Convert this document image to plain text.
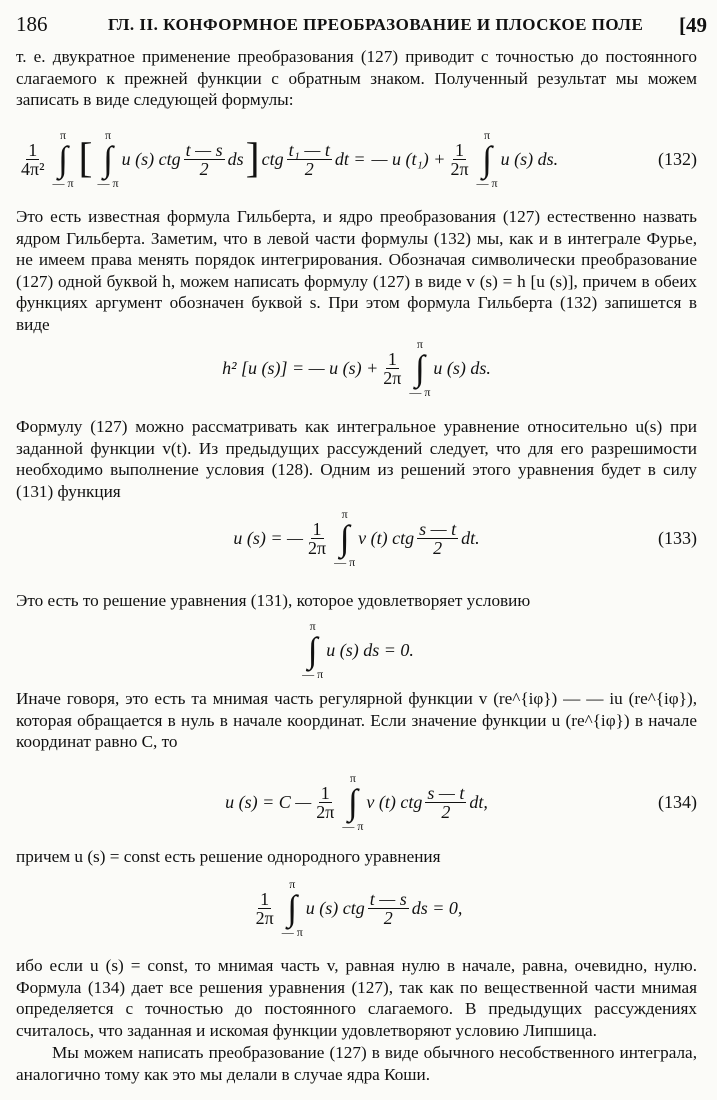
186	ГЛ. II. КОНФОРМНОЕ ПРЕОБРАЗОВАНИЕ И ПЛОСКОЕ ПОЛЕ [49

т. е. двукратное применение преобразования (127) приводит с точностью до постоянного слагаемого к прежней функции с обратным знаком. Полученный результат мы можем записать в виде следующей формулы:

$\frac{1}{\text{4π²}}$
π
∫
— π
[
π
∫
— π
u (s) ctg $\frac{t — s}{2}$ ds ] ctg $\frac{\text{t₁ — t}}{2}$ dt = — u $(t_1) + \frac{1}{2\pi}$
π
∫
— π
u (s) ds.	(132)

Это есть известная формула Гильберта, и ядро преобразования (127) естественно назвать ядром Гильберта. Заметим, что в левой части формулы (132) мы, как и в интеграле Фурье, не имеем права менять порядок интегрирования. Обозначая символически преобразование (127) одной буквой h, можем написать формулу (127) в виде v (s) = h [u (s)], причем в обеих функциях аргумент обозначен буквой s. При этом формула Гильберта (132) запишется в виде

h² [u (s)] = — u $(s) + \frac{1}{2\pi}$
π
∫
— π
u (s) ds.

Формулу (127) можно рассматривать как интегральное уравнение относительно u(s) при заданной функции v(t). Из предыдущих рассуждений следует, что для его разрешимости необходимо выполнение условия (128). Одним из решений этого уравнения будет в силу (131) функция

u (s) = — $\frac{1}{2\pi}$
π
∫
— π
v (t) ctg $\frac{s — t}{2}$ dt.	(133)

Это есть то решение уравнения (131), которое удовлетворяет условию

π
∫
— π
u (s) ds = 0.

Иначе говоря, это есть та мнимая часть регулярной функции v (re^{iφ}) — — iu (re^{iφ}), которая обращается в нуль в начале координат. Если значение функции u (re^{iφ}) в начале координат равно C, то

u (s) = C — $\frac{1}{2\pi}$
π
∫
— π
v (t) ctg $\frac{s — t}{2}$ dt,	(134)

причем u (s) = const есть решение однородного уравнения

$\frac{1}{2\pi}$
π
∫
— π
u (s) ctg $\frac{t — s}{2}$ ds = 0,

ибо если u (s) = const, то мнимая часть v, равная нулю в начале, равна, очевидно, нулю. Формула (134) дает все решения уравнения (127), так как по вещественной части мнимая определяется с точностью до постоянного слагаемого. В предыдущих рассуждениях считалось, что заданная и искомая функции удовлетворяют условию Липшица.

Мы можем написать преобразование (127) в виде обычного несобственного интеграла, аналогично тому как это мы делали в случае ядра Коши.
